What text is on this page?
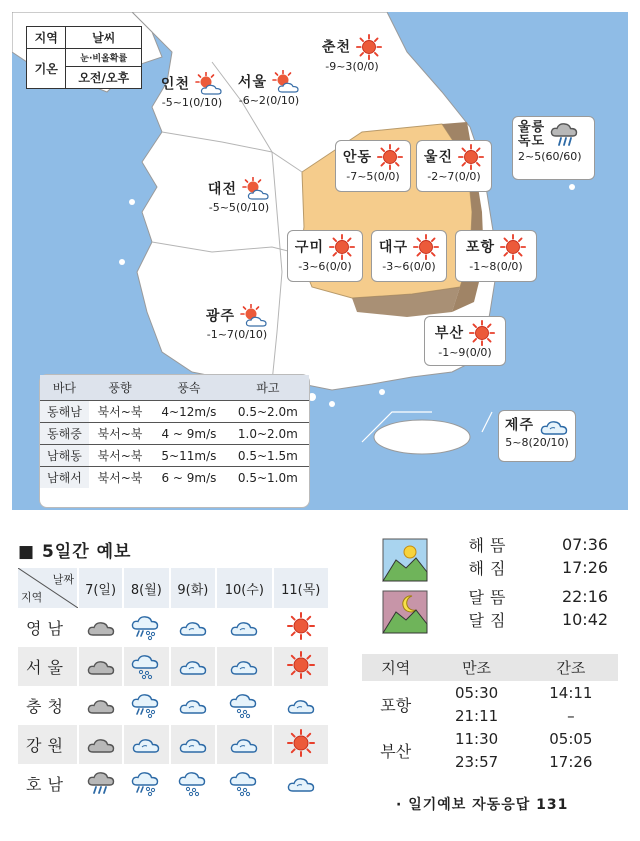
지역	날씨
기온	눈·비올확률
	오전/오후
춘천
-9~3(0/0)
인천
-5~1(0/10)
서울
-6~2(0/10)
울릉
독도
2~5(60/60)
안동
-7~5(0/0)
울진
-2~7(0/0)
대전
-5~5(0/10)
구미
-3~6(0/0)
대구
-3~6(0/0)
포항
-1~8(0/0)
광주
-1~7(0/10)	부산
-1~9(0/0)
제주
5~8(20/10)
바다	풍향	풍속	파고
동해남	북서~북	4~12m/s	0.5~2.0m
동해중	북서~북	4 ~ 9m/s	1.0~2.0m
남해동	북서~북	5~11m/s	0.5~1.5m
남해서	북서~북	6 ~ 9m/s	0.5~1.0m
■ 5일간 예보
날짜
지역	7(일)	8(월)	9(화)	10(수)	11(목)
영남					
서울					
충청					
강원					
호남					
해뜸	07:36
해짐	17:26
달뜸	22:16
달짐	10:42
지역	만조	간조
포항	05:30	14:11
	21:11	–
부산	11:30	05:05
	23:57	17:26
· 일기예보 자동응답 131
